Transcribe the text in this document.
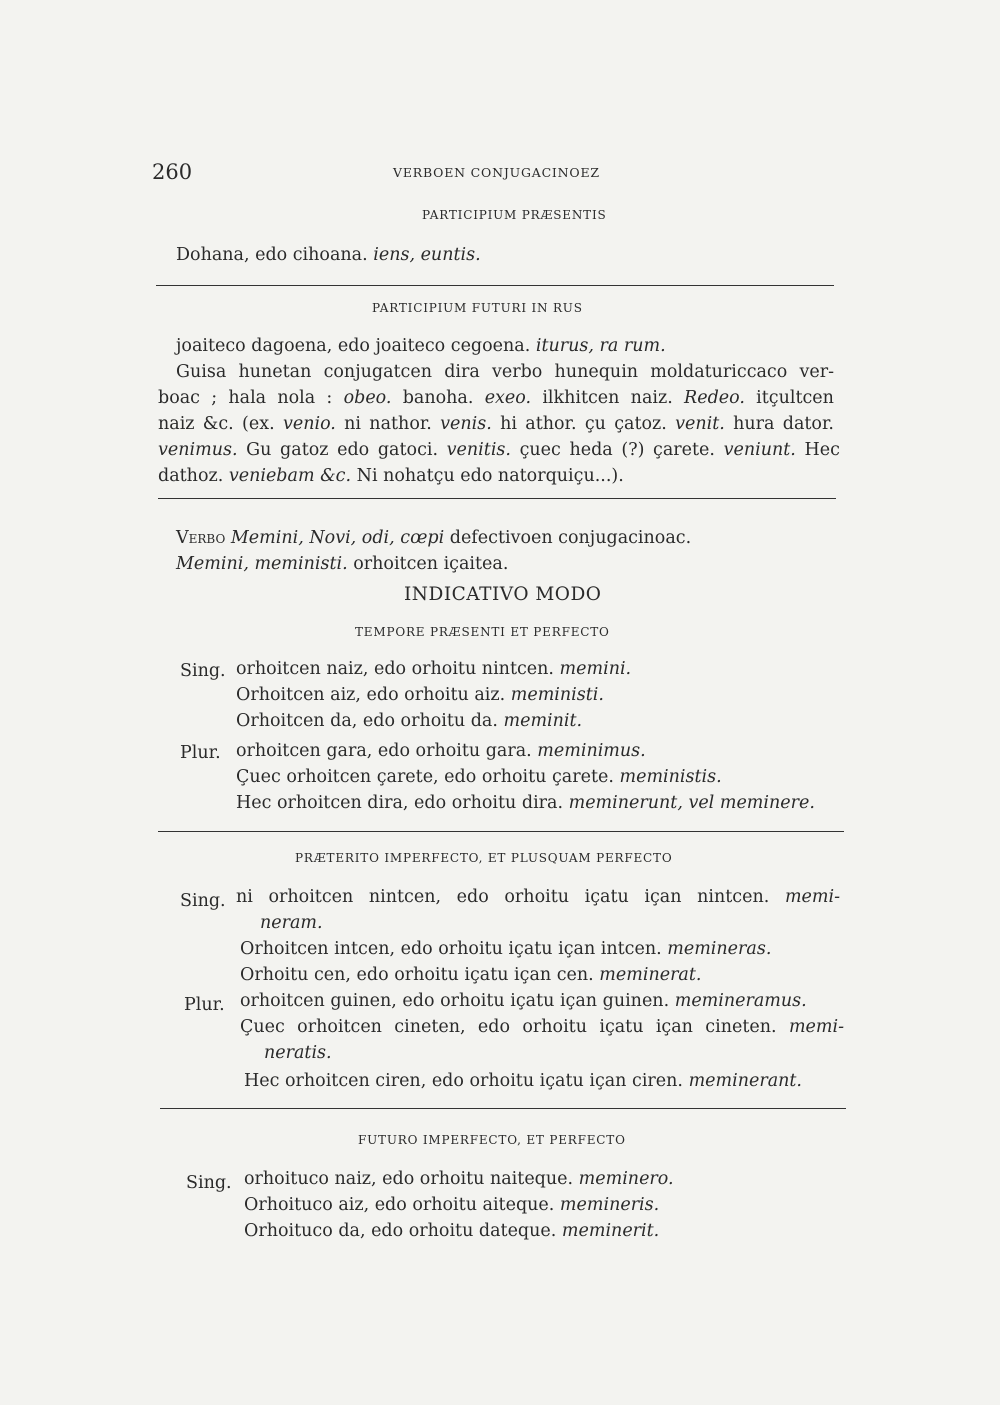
260	VERBOEN CONJUGACINOEZ
PARTICIPIUM PRÆSENTIS
Dohana, edo cihoana. iens, euntis.
PARTICIPIUM FUTURI IN RUS
joaiteco dagoena, edo joaiteco cegoena. iturus, ra rum.
Guisa hunetan conjugatcen dira verbo hunequin moldaturiccaco ver-
boac ; hala nola : obeo. banoha. exeo. ilkhitcen naiz. Redeo. itçultcen
naiz &c. (ex. venio. ni nathor. venis. hi athor. çu çatoz. venit. hura dator.
venimus. Gu gatoz edo gatoci. venitis. çuec heda (?) çarete. veniunt. Hec
dathoz. veniebam &c. Ni nohatçu edo natorquiçu...).
Verbo Memini, Novi, odi, cœpi defectivoen conjugacinoac.
Memini, meministi. orhoitcen içaitea.
INDICATIVO MODO
TEMPORE PRÆSENTI ET PERFECTO
Sing. orhoitcen naiz, edo orhoitu nintcen. memini.
Orhoitcen aiz, edo orhoitu aiz. meministi.
Orhoitcen da, edo orhoitu da. meminit.
Plur. orhoitcen gara, edo orhoitu gara. meminimus.
Çuec orhoitcen çarete, edo orhoitu çarete. meministis.
Hec orhoitcen dira, edo orhoitu dira. meminerunt, vel meminere.
PRÆTERITO IMPERFECTO, ET PLUSQUAM PERFECTO
Sing. ni orhoitcen nintcen, edo orhoitu içatu içan nintcen. memi-
neram.
Orhoitcen intcen, edo orhoitu içatu içan intcen. memineras.
Orhoitu cen, edo orhoitu içatu içan cen. meminerat.
Plur. orhoitcen guinen, edo orhoitu içatu içan guinen. memineramus.
Çuec orhoitcen cineten, edo orhoitu içatu içan cineten. memi-
neratis.
Hec orhoitcen ciren, edo orhoitu içatu içan ciren. meminerant.
FUTURO IMPERFECTO, ET PERFECTO
Sing. orhoituco naiz, edo orhoitu naiteque. meminero.
Orhoituco aiz, edo orhoitu aiteque. memineris.
Orhoituco da, edo orhoitu dateque. meminerit.
